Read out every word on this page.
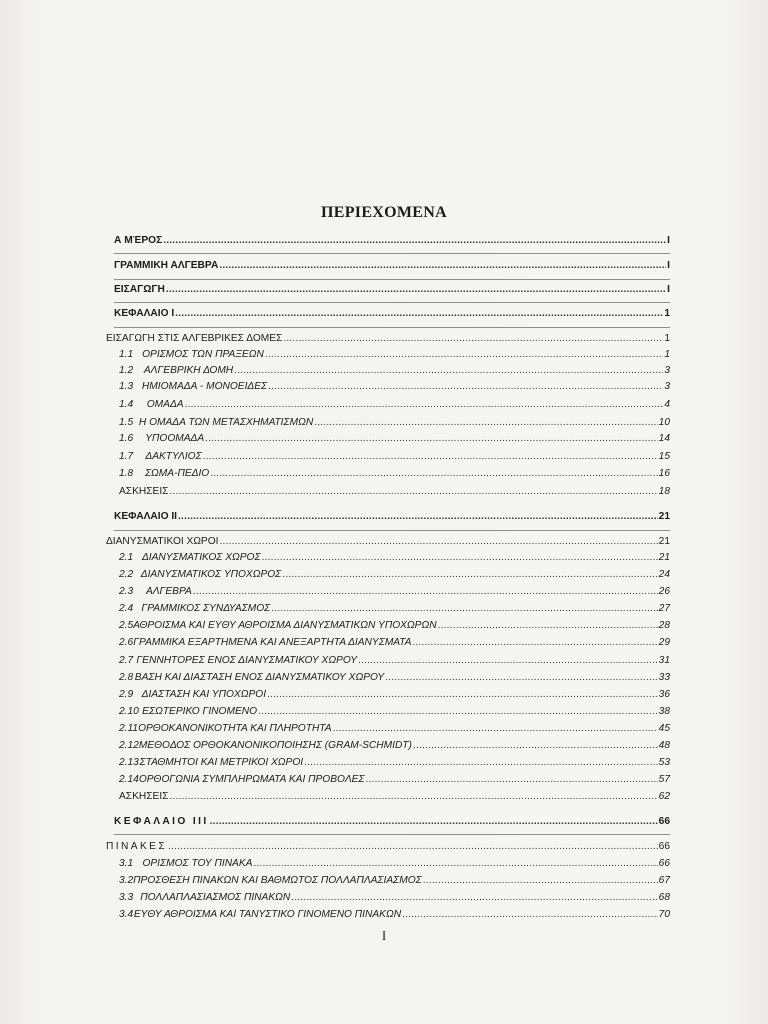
ΠΕΡΙΕΧΟΜΕΝΑ
Α ΜΈΡΟΣ .....	I
ΓΡΑΜΜΙΚΗ ΑΛΓΕΒΡΑ .....	I
ΕΙΣΑΓΩΓΗ .....	I
ΚΕΦΑΛΑΙΟ Ι .....	1
ΕΙΣΑΓΩΓΗ ΣΤΙΣ ΑΛΓΕΒΡΙΚΕΣ ΔΟΜΕΣ .....	1
1.1 ΟΡΙΣΜΟΣ ΤΩΝ ΠΡΑΞΕΩΝ .....	1
1.2	ΑΛΓΕΒΡΙΚΗ ΔΟΜΗ .....	3
1.3 ΗΜΙΟΜΑΔΑ - ΜΟΝΟΕΙΔΕΣ .....	3
1.4	ΟΜΑΔΑ .....	4
1.5 Η ΟΜΑΔΑ ΤΩΝ ΜΕΤΑΣΧΗΜΑΤΙΣΜΩΝ .....	10
1.6	ΥΠΟΟΜΑΔΑ .....	14
1.7	ΔΑΚΤΥΛΙΟΣ .....	15
1.8	ΣΩΜΑ-ΠΕΔΙΟ .....	16
ΑΣΚΗΣΕΙΣ .....	18
ΚΕΦΑΛΑΙΟ ΙΙ .....	21
ΔΙΑΝΥΣΜΑΤΙΚΟΙ ΧΩΡΟΙ .....	21
2.1 ΔΙΑΝΥΣΜΑΤΙΚΟΣ ΧΩΡΟΣ .....	21
2.2 ΔΙΑΝΥΣΜΑΤΙΚΟΣ ΥΠΟΧΩΡΟΣ .....	24
2.3	ΑΛΓΕΒΡΑ .....	26
2.4 ΓΡΑΜΜΙΚΟΣ ΣΥΝΔΥΑΣΜΟΣ .....	27
2.5 ΑΘΡΟΙΣΜΑ ΚΑΙ ΕΥΘΥ ΑΘΡΟΙΣΜΑ ΔΙΑΝΥΣΜΑΤΙΚΩΝ ΥΠΟΧΩΡΩΝ .....	28
2.6 ΓΡΑΜΜΙΚΑ ΕΞΑΡΤΗΜΕΝΑ ΚΑΙ ΑΝΕΞΑΡΤΗΤΑ ΔΙΑΝΥΣΜΑΤΑ .....	29
2.7 ΓΕΝΝΗΤΟΡΕΣ ΕΝΟΣ ΔΙΑΝΥΣΜΑΤΙΚΟΥ ΧΩΡΟΥ .....	31
2.8 ΒΑΣΗ ΚΑΙ ΔΙΑΣΤΑΣΗ ΕΝΟΣ ΔΙΑΝΥΣΜΑΤΙΚΟΥ ΧΩΡΟΥ .....	33
2.9 ΔΙΑΣΤΑΣΗ ΚΑΙ ΥΠΟΧΩΡΟΙ .....	36
2.10 ΕΣΩΤΕΡΙΚΟ ΓΙΝΟΜΕΝΟ .....	38
2.11 ΟΡΘΟΚΑΝΟΝΙΚΟΤΗΤΑ ΚΑΙ ΠΛΗΡΟΤΗΤΑ .....	45
2.12 ΜΕΘΟΔΟΣ ΟΡΘΟΚΑΝΟΝΙΚΟΠΟΙΗΣΗΣ (GRAM-SCHMIDT) .....	48
2.13 ΣΤΑΘΜΗΤΟΙ ΚΑΙ ΜΕΤΡΙΚΟΙ ΧΩΡΟΙ .....	53
2.14 ΟΡΘΟΓΩΝΙΑ ΣΥΜΠΛΗΡΩΜΑΤΑ ΚΑΙ ΠΡΟΒΟΛΕΣ .....	57
ΑΣΚΗΣΕΙΣ .....	62
ΚΕΦΑΛΑΙΟ ΙΙΙ .....	66
ΠΙΝΑΚΕΣ .....	66
3.1 ΟΡΙΣΜΟΣ ΤΟΥ ΠΙΝΑΚΑ .....	66
3.2 ΠΡΟΣΘΕΣΗ ΠΙΝΑΚΩΝ ΚΑΙ ΒΑΘΜΩΤΟΣ ΠΟΛΛΑΠΛΑΣΙΑΣΜΟΣ .....	67
3.3 ΠΟΛΛΑΠΛΑΣΙΑΣΜΟΣ ΠΙΝΑΚΩΝ .....	68
3.4 ΕΥΘΥ ΑΘΡΟΙΣΜΑ ΚΑΙ ΤΑΝΥΣΤΙΚΟ ΓΙΝΟΜΕΝΟ ΠΙΝΑΚΩΝ .....	70
I
